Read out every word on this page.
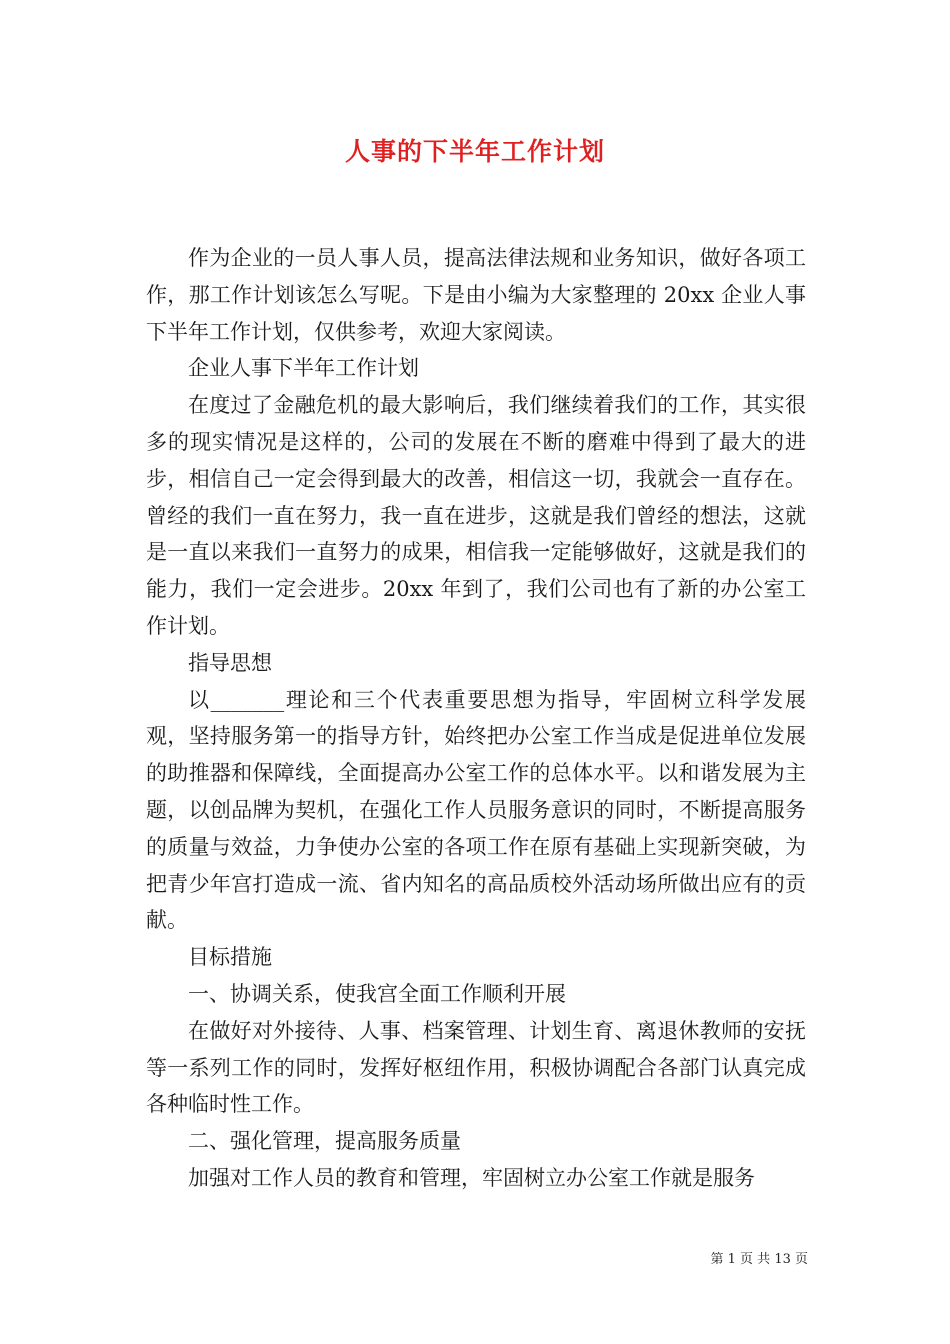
人事的下半年工作计划

作为企业的一员人事人员，提高法律法规和业务知识，做好各项工作，那工作计划该怎么写呢。下是由小编为大家整理的 20xx 企业人事下半年工作计划，仅供参考，欢迎大家阅读。

企业人事下半年工作计划

在度过了金融危机的最大影响后，我们继续着我们的工作，其实很多的现实情况是这样的，公司的发展在不断的磨难中得到了最大的进步，相信自己一定会得到最大的改善，相信这一切，我就会一直存在。曾经的我们一直在努力，我一直在进步，这就是我们曾经的想法，这就是一直以来我们一直努力的成果，相信我一定能够做好，这就是我们的能力，我们一定会进步。20xx 年到了，我们公司也有了新的办公室工作计划。

指导思想

以_______理论和三个代表重要思想为指导，牢固树立科学发展观，坚持服务第一的指导方针，始终把办公室工作当成是促进单位发展的助推器和保障线，全面提高办公室工作的总体水平。以和谐发展为主题，以创品牌为契机，在强化工作人员服务意识的同时，不断提高服务的质量与效益，力争使办公室的各项工作在原有基础上实现新突破，为把青少年宫打造成一流、省内知名的高品质校外活动场所做出应有的贡献。

目标措施

一、协调关系，使我宫全面工作顺利开展

在做好对外接待、人事、档案管理、计划生育、离退休教师的安抚等一系列工作的同时，发挥好枢纽作用，积极协调配合各部门认真完成各种临时性工作。

二、强化管理，提高服务质量

加强对工作人员的教育和管理，牢固树立办公室工作就是服务

第 1 页 共 13 页
